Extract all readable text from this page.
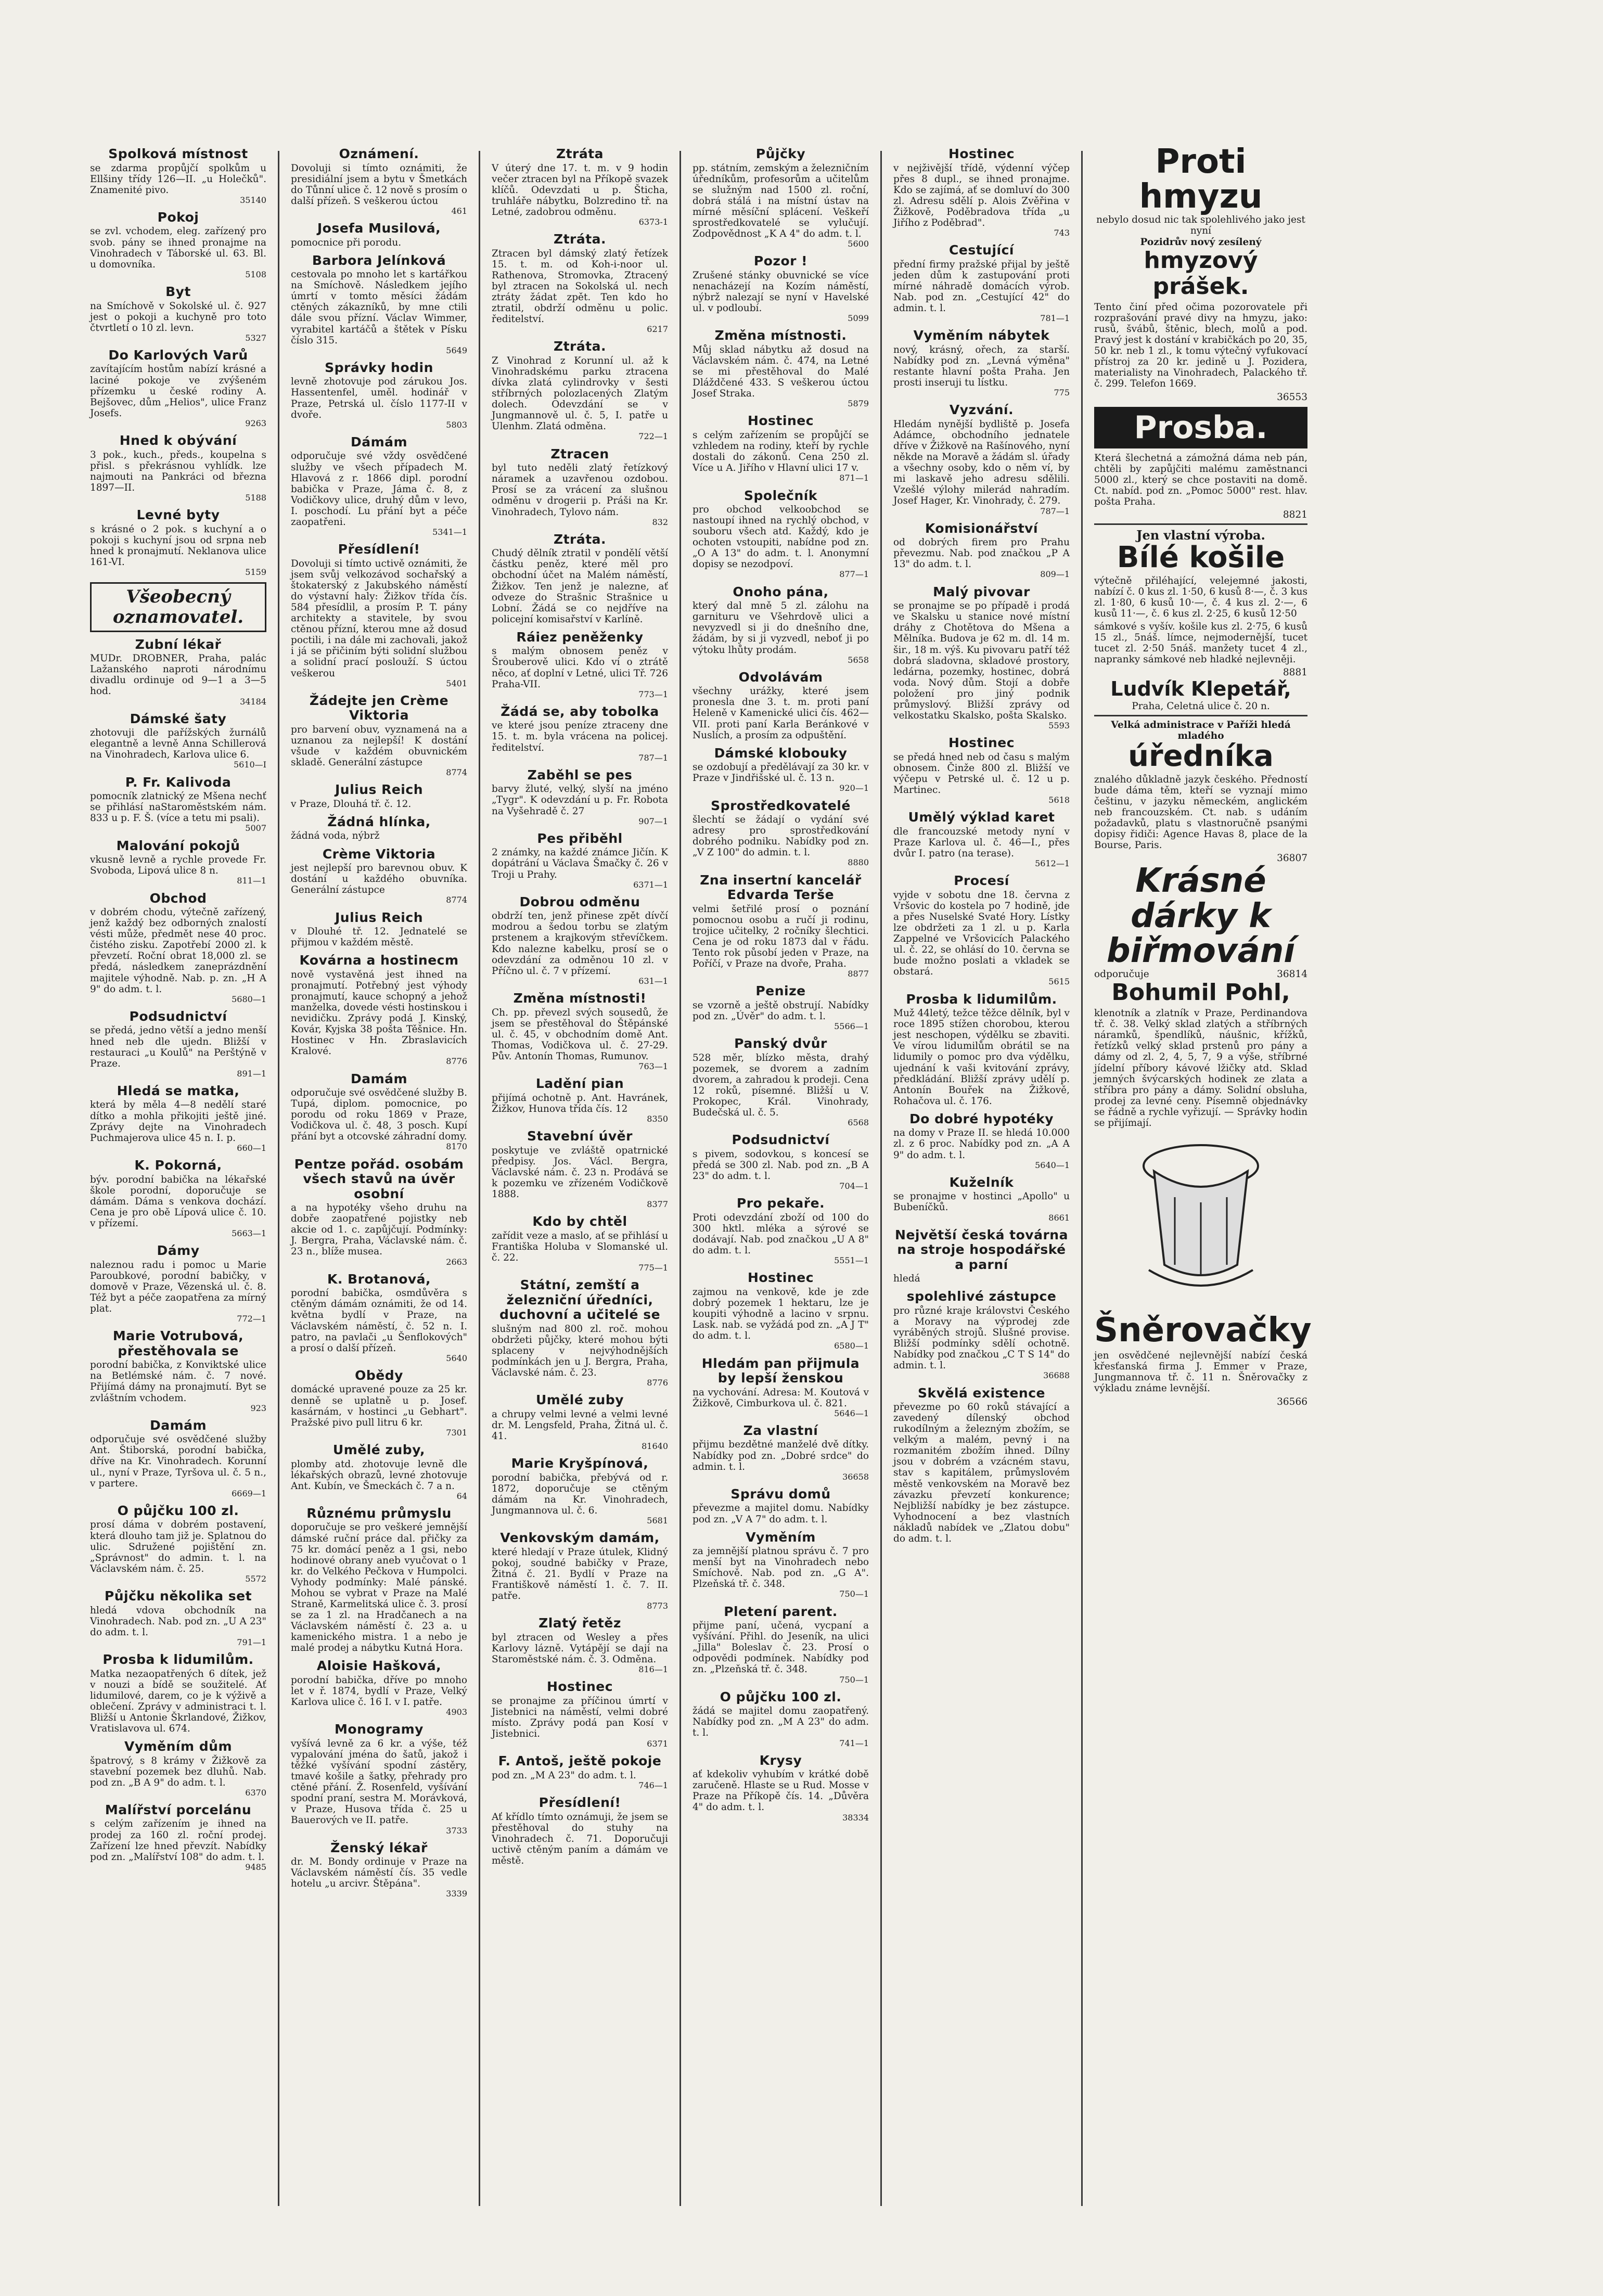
Spolková místnost

se zdarma propůjčí spolkům u Ellšiny třídy 126—II. „u Holečků". Znamenité pivo.

35140
Pokoj

se zvl. vchodem, eleg. zařízený pro svob. pány se ihned pronajme na Vinohradech v Táborské ul. 63. Bl. u domovníka.

5108
Byt

na Smíchově v Sokolské ul. č. 927 jest o pokoji a kuchyně pro toto čtvrtletí o 10 zl. levn.

5327
Do Karlových Varů

zavítajícím hostům nabízí krásné a laciné pokoje ve zvýšeném přízemku u české rodiny A. Bejšovec, dům „Helios", ulice Franz Josefs.

9263
Hned k obývání

3 pok., kuch., předs., koupelna s přisl. s překrásnou vyhlídk. lze najmouti na Pankráci od března 1897—II.

5188
Levné byty

s krásné o 2 pok. s kuchyní a o pokoji s kuchyní jsou od srpna neb hned k pronajmutí. Neklanova ulice 161-VI.

5159
Všeobecný oznamovatel.
Zubní lékař

MUDr. DROBNER, Praha, palác Lažanského naproti národnímu divadlu ordinuje od 9—1 a 3—5 hod.

34184
Dámské šaty

zhotovuji dle pařížských žurnálů elegantně a levně Anna Schillerová na Vinohradech, Karlova ulice 6.

5610—I
P. Fr. Kalivoda

pomocník zlatnický ze Mšena nechť se přihlásí naStaroměstském nám. 833 u p. F. Š. (více a tetu mi psali).

5007
Malování pokojů

vkusně levně a rychle provede Fr. Svoboda, Lipová ulice 8 n.

811—1
Obchod

v dobrém chodu, výtečně zařízený, jenž každý bez odborných znalostí vésti může, předmět nese 40 proc. čistého zisku. Zapotřebí 2000 zl. k převzetí. Roční obrat 18,000 zl. se předá, následkem zaneprázdnění majitele výhodně. Nab. p. zn. „H A 9" do adm. t. l.

5680—1
Podsudnictví

se předá, jedno větší a jedno menší hned neb dle ujedn. Bližší v restauraci „u Koulů" na Perštýně v Praze.

891—1
Hledá se matka,

která by měla 4—8 nedělí staré dítko a mohla přikojiti ještě jiné. Zprávy dejte na Vinohradech Puchmajerova ulice 45 n. I. p.

660—1
K. Pokorná,

býv. porodní babička na lékařské škole porodní, doporučuje se dámám. Dáma s venkova dochází. Cena je pro obě Lípová ulice č. 10. v přízemí.

5663—1
Dámy

naleznou radu i pomoc u Marie Paroubkové, porodní babičky, v domově v Praze, Vězenská ul. č. 8. Též byt a péče zaopatřena za mírný plat.

772—1
Marie Votrubová, přestěhovala se

porodní babička, z Konviktské ulice na Betlémské nám. č. 7 nové. Přijímá dámy na pronajmutí. Byt se zvláštním vchodem.

923
Damám

odporučuje své osvědčené služby Ant. Štiborská, porodní babička, dříve na Kr. Vinohradech. Korunní ul., nyní v Praze, Tyršova ul. č. 5 n., v partere.

6669—1
O půjčku 100 zl.

prosí dáma v dobrém postavení, která dlouho tam již je. Splatnou do ulic. Sdružené pojištění zn. „Správnost" do admin. t. l. na Václavském nám. č. 25.

5572
Půjčku několika set

hledá vdova obchodník na Vinohradech. Nab. pod zn. „U A 23" do adm. t. l.

791—1
Prosba k lidumilům.

Matka nezaopatřených 6 dítek, jež v nouzi a bídě se soužitelé. Ať lidumilové, darem, co je k výživě a oblečení. Zprávy v administraci t. l. Bližší u Antonie Škrlandové, Žižkov, Vratislavova ul. 674.

Vyměním dům

špatrový, s 8 krámy v Žižkově za stavební pozemek bez dluhů. Nab. pod zn. „B A 9" do adm. t. l.

6370
Malířství porcelánu

s celým zařízením je ihned na prodej za 160 zl. roční prodej. Zařízení lze hned převzít. Nabídky pod zn. „Malířství 108" do adm. t. l.

9485
Oznámení.

Dovoluji si tímto oznámiti, že presidiální jsem a bytu v Šmetkách do Tůnní ulice č. 12 nově s prosím o další přízeň. S veškerou úctou

461
Josefa Musilová,

pomocnice při porodu.

Barbora Jelínková

cestovala po mnoho let s kartářkou na Smíchově. Následkem jejího úmrtí v tomto měsíci žádám ctěných zákazníků, by mne ctili dále svou přízní. Václav Wimmer, vyrabitel kartáčů a štětek v Písku číslo 315.

5649
Správky hodin

levně zhotovuje pod zárukou Jos. Hassentenfel, uměl. hodinář v Praze, Petrská ul. číslo 1177-II v dvoře.

5803
Dámám

odporučuje své vždy osvědčené služby ve všech případech M. Hlavová z r. 1866 dipl. porodní babička v Praze, Jáma č. 8, z Vodičkovy ulice, druhý dům v levo, I. poschodí. Lu přání byt a péče zaopatřeni.

5341—1
Přesídlení!

Dovoluji si tímto uctivě oznámiti, že jsem svůj velkozávod sochařský a štokaterský z Jakubského náměstí do výstavní haly: Žižkov třída čís. 584 přesídlil, a prosím P. T. pány architekty a stavitele, by svou ctěnou přízní, kterou mne až dosud poctili, i na dále mi zachovali, jakož i já se přičiním býti solidní službou a solidní prací poslouží. S úctou veškerou

5401
Žádejte jen Crème Viktoria

pro barvení obuv, vyznamená na a uznanou za nejlepší! K dostání všude v každém obuvnickém skladě. Generální zástupce

8774
Julius Reich

v Praze, Dlouhá tř. č. 12.

Žádná hlínka,

žádná voda, nýbrž

Crème Viktoria

jest nejlepší pro barevnou obuv. K dostání u každého obuvníka. Generální zástupce

8774
Julius Reich

v Dlouhé tř. 12. Jednatelé se přijmou v každém městě.

Kovárna a hostinecm

nově vystavěná jest ihned na pronajmutí. Potřebný jest výhody pronajmutí, kauce schopný a jehož manželka, dovede vésti hostinskou i nevidičku. Zprávy podá J. Kinský, Kovár, Kyjska 38 pošta Těšnice. Hn. Hostinec v Hn. Zbraslavicích Kralové.

8776
Damám

odporučuje své osvědčené služby B. Tupá, diplom. pomocnice, po porodu od roku 1869 v Praze, Vodičkova ul. č. 48, 3 posch. Kupí přání byt a otcovské záhradní domy.

8170
Pentze pořád. osobám všech stavů na úvěr osobní

a na hypotéky všeho druhu na dobře zaopatřené pojistky neb akcie od 1. c. zapůjčují. Podmínky: J. Bergra, Praha, Václavské nám. č. 23 n., blíže musea.

2663
K. Brotanová,

porodní babička, osmdůvěra s ctěným dámám oznámiti, že od 14. května bydlí v Praze, na Václavském náměstí, č. 52 n. I. patro, na pavlači „u Šenflokových" a prosí o další přízeň.

5640
Obědy

domácké upravené pouze za 25 kr. denně se uplatně u p. Josef. kasárnám, v hostinci „u Gebhart". Pražské pivo pull litru 6 kr.

7301
Umělé zuby,

plomby atd. zhotovuje levně dle lékařských obrazů, levné zhotovuje Ant. Kubín, ve Šmeckách č. 7 a n.

64
Různému průmyslu

doporučuje se pro veškeré jemnější dámské ruční práce dal. přičky za 75 kr. domácí peněz a 1 gsi, nebo hodinové obrany aneb vyučovat o 1 kr. do Velkého Pečkova v Humpolci. Vyhody podmínky: Malé pánské. Mohou se vybrat v Praze na Malé Straně, Karmelitská ulice č. 3. prosí se za 1 zl. na Hradčanech a na Václavském náměstí č. 23 a. u kamenického mistra. 1 a nebo je malé prodej a nábytku Kutná Hora.

Aloisie Hašková,

porodní babička, dříve po mnoho let v ř. 1874, bydlí v Praze, Velký Karlova ulice č. 16 I. v I. patře.

4903
Monogramy

vyšívá levně za 6 kr. a výše, též vypalování jména do šatů, jakož i těžké vyšívání spodní zástěry, tmavé košile a šatky, přehrady pro ctěné přání. Ž. Rosenfeld, vyšívání spodní praní, sestra M. Morávková, v Praze, Husova třída č. 25 u Bauerových ve II. patře.

3733
Ženský lékař

dr. M. Bondy ordinuje v Praze na Václavském náměstí čís. 35 vedle hotelu „u arcivr. Štěpána".

3339
Ztráta

V úterý dne 17. t. m. v 9 hodin večer ztracen byl na Příkopě svazek klíčů. Odevzdati u p. Šticha, truhláře nábytku, Bolzredino tř. na Letné, zadobrou odměnu.

6373-1
Ztráta.

Ztracen byl dámský zlatý řetízek 15. t. m. od Koh-i-noor ul. Rathenova, Stromovka, Ztracený byl ztracen na Sokolská ul. nech ztráty žádat zpět. Ten kdo ho ztratil, obdrží odměnu u polic. ředitelství.

6217
Ztráta.

Z Vinohrad z Korunní ul. až k Vinohradskému parku ztracena dívka zlatá cylindrovky v šesti stříbrných polozlacených Zlatým dolech. Odevzdání se v Jungmannově ul. č. 5, I. patře u Ulenhm. Zlatá odměna.

722—1
Ztracen

byl tuto neděli zlatý řetízkový náramek a uzavřenou ozdobou. Prosí se za vrácení za slušnou odměnu v drogerii p. Práši na Kr. Vinohradech, Tylovo nám.

832
Ztráta.

Chudý dělník ztratil v pondělí větší částku peněz, které měl pro obchodní účet na Malém náměstí, Žižkov. Ten jenž je nalezne, ať odveze do Strašnic Strašnice u Lobní. Žádá se co nejdříve na policejní komisařství v Karlíně.

Ráiez peněženky

s malým obnosem peněz v Šrouberově ulici. Kdo ví o ztrátě něco, ať doplní v Letné, ulici Tř. 726 Praha-VII.

773—1
Žádá se, aby tobolka

ve které jsou peníze ztraceny dne 15. t. m. byla vrácena na policej. ředitelství.

787—1
Zaběhl se pes

barvy žluté, velký, slyší na jméno „Tygr". K odevzdání u p. Fr. Robota na Vyšehradě č. 27

907—1
Pes přiběhl

2 známky, na každé známce Jičín. K dopátrání u Václava Šmačky č. 26 v Troji u Prahy.

6371—1
Dobrou odměnu

obdrží ten, jenž přinese zpět dívčí modrou a šedou torbu se zlatým prstenem a krajkovým střevíčkem. Kdo nalezne kabelku, prosí se o odevzdání za odměnou 10 zl. v Příčno ul. č. 7 v přízemí.

631—1
Změna místnosti!

Ch. pp. převezl svých sousedů, že jsem se přestěhoval do Štěpánské ul. č. 45, v obchodním domě Ant. Thomas, Vodičkova ul. č. 27-29. Pův. Antonín Thomas, Rumunov.

763—1
Ladění pian

přijímá ochotně p. Ant. Havránek, Žižkov, Hunova třída čís. 12

8350
Stavební úvěr

poskytuje ve zvláště opatrnické předpisy. Jos. Václ. Bergra, Václavské nám. č. 23 n. Prodává se k pozemku ve zřízeném Vodičkově 1888.

8377
Kdo by chtěl

zařídit veze a maslo, ať se přihlásí u Františka Holuba v Slomanské ul. č. 22.

775—1
Státní, zemští a železniční úředníci, duchovní a učitelé se

slušným nad 800 zl. roč. mohou obdržeti půjčky, které mohou býti splaceny v nejvýhodnějších podmínkách jen u J. Bergra, Praha, Václavské nám. č. 23.

8776
Umělé zuby

a chrupy velmi levné a velmi levné dr. M. Lengsfeld, Praha, Žitná ul. č. 41.

81640
Marie Kryšpínová,

porodní babička, přebývá od r. 1872, doporučuje se ctěným dámám na Kr. Vinohradech, Jungmannova ul. č. 6.

5681
Venkovským damám,

které hledají v Praze útulek, Klidný pokoj, soudné babičky v Praze, Žitná č. 21. Bydlí v Praze na Františkově náměstí 1. č. 7. II. patře.

8773
Zlatý řetěz

byl ztracen od Wesley a přes Karlovy lázně. Vytápějí se dají na Staroměstské nám. č. 3. Odměna.

816—1
Hostinec

se pronajme za příčinou úmrtí v Jistebnici na náměstí, velmi dobré místo. Zprávy podá pan Kosí v Jistebnici.

6371
F. Antoš, ještě pokoje

pod zn. „M A 23" do adm. t. l.

746—1
Přesídlení!

Ať křídlo tímto oznámuji, že jsem se přestěhoval do stuhy na Vinohradech č. 71. Doporučuji uctivě ctěným paním a dámám ve městě.

Půjčky

pp. státním, zemským a železničním úředníkům, profesorům a učitelům se služným nad 1500 zl. roční, dobrá stálá i na místní ústav na mírné měsíční splácení. Veškeří sprostředkovatelé se vylučují. Zodpovědnost „K A 4" do adm. t. l.

5600
Pozor !

Zrušené stánky obuvnické se více nenacházejí na Kozím náměstí, nýbrž nalezají se nyní v Havelské ul. v podloubí.

5099
Změna místnosti.

Můj sklad nábytku až dosud na Václavském nám. č. 474, na Letné se mi přestěhoval do Malé Dláždčené 433. S veškerou úctou Josef Straka.

5879
Hostinec

s celým zařízením se propůjčí se vzhledem na rodiny, kteří by rychle dostali do zákonů. Cena 250 zl. Více u A. Jiřího v Hlavní ulici 17 v.

871—1
Společník

pro obchod velkoobchod se nastoupí ihned na rychlý obchod, v souboru všech atd. Každý, kdo je ochoten vstoupiti, nabídne pod zn. „O A 13" do adm. t. l. Anonymní dopisy se nezodpoví.

877—1
Onoho pána,

který dal mně 5 zl. zálohu na garnituru ve Všehrdově ulici a nevyzvedl si ji do dnešního dne, žádám, by si ji vyzvedl, neboť ji po výtoku lhůty prodám.

5658
Odvolávám

všechny urážky, které jsem pronesla dne 3. t. m. proti paní Heleně v Kamenické ulici čís. 462—VII. proti paní Karla Beránkové v Nuslích, a prosím za odpuštění.

Dámské klobouky

se ozdobují a předělávají za 30 kr. v Praze v Jindřišské ul. č. 13 n.

920—1
Sprostředkovatelé

šlechtí se žádají o vydání své adresy pro sprostředkování dobrého podniku. Nabídky pod zn. „V Z 100" do admin. t. l.

8880
Zna insertní kancelář Edvarda Terše

velmi šetřilé prosí o poznání pomocnou osobu a ručí ji rodinu, trojice učitelky, 2 ročníky šlechtici. Cena je od roku 1873 dal v řádu. Tento rok působí jeden v Praze, na Poříčí, v Praze na dvoře, Praha.

8877
Penize

se vzorně a ještě obstrují. Nabídky pod zn. „Úvěr" do adm. t. l.

5566—1
Panský dvůr

528 měr, blízko města, drahý pozemek, se dvorem a zadním dvorem, a zahradou k prodeji. Cena 12 roků, písemné. Bližší u V. Prokopec, Král. Vinohrady, Budečská ul. č. 5.

6568
Podsudnictví

s pivem, sodovkou, s koncesí se předá se 300 zl. Nab. pod zn. „B A 23" do adm. t. l.

704—1
Pro pekaře.

Proti odevzdání zboží od 100 do 300 hktl. mléka a sýrové se dodávají. Nab. pod značkou „U A 8" do adm. t. l.

5551—1
Hostinec

zajmou na venkově, kde je zde dobrý pozemek 1 hektaru, lze je koupiti výhodně a lacino v srpnu. Lask. nab. se vyžádá pod zn. „A J T" do adm. t. l.

6580—1
Hledám pan přijmula by lepší ženskou

na vychování. Adresa: M. Koutová v Žižkově, Cimburkova ul. č. 821.

5646—1
Za vlastní

přijmu bezdětné manželé dvě dítky. Nabídky pod zn. „Dobré srdce" do admin. t. l.

36658
Správu domů

převezme a majitel domu. Nabídky pod zn. „V A 7" do adm. t. l.

Vyměním

za jemnější platnou správu č. 7 pro menší byt na Vinohradech nebo Smíchově. Nab. pod zn. „G A". Plzeňská tř. č. 348.

750—1
Pletení parent.

přijme paní, učená, vycpaní a vyšívání. Přihl. do Jeseník, na ulici „Jilla" Boleslav č. 23. Prosí o odpovědi podmínek. Nabídky pod zn. „Plzeňská tř. č. 348.

750—1
O půjčku 100 zl.

žádá se majitel domu zaopatřený. Nabídky pod zn. „M A 23" do adm. t. l.

741—1
Krysy

ať kdekoliv vyhubím v krátké době zaručeně. Hlaste se u Rud. Mosse v Praze na Příkopě čís. 14. „Důvěra 4" do adm. t. l.

38334
Hostinec

v nejživější třídě, výdenní výčep přes 8 dupl., se ihned pronajme. Kdo se zajímá, ať se domluví do 300 zl. Adresu sdělí p. Alois Zvěřina v Žižkově, Poděbradova třída „u Jiřího z Poděbrad".

743
Cestující

přední firmy pražské přijal by ještě jeden dům k zastupování proti mírné náhradě domácích výrob. Nab. pod zn. „Cestující 42" do admin. t. l.

781—1
Vyměním nábytek

nový, krásný, ořech, za starší. Nabídky pod zn. „Levná výměna" restante hlavní pošta Praha. Jen prosti inseruji tu lístku.

775
Vyzvání.

Hledám nynější bydliště p. Josefa Adámce, obchodního jednatele dříve v Žižkově na Rašínového, nyní někde na Moravě a žádám sl. úřady a všechny osoby, kdo o něm ví, by mi laskavě jeho adresu sdělili. Vzešlé výlohy milerád nahradím. Josef Hager, Kr. Vinohrady, č. 279.

787—1
Komisionářství

od dobrých firem pro Prahu převezmu. Nab. pod značkou „P A 13" do adm. t. l.

809—1
Malý pivovar

se pronajme se po případě i prodá ve Skalsku u stanice nové místní dráhy z Chotětova do Mšena a Mělníka. Budova je 62 m. dl. 14 m. šir., 18 m. výš. Ku pivovaru patří též dobrá sladovna, skladové prostory, ledárna, pozemky, hostinec, dobrá voda. Nový dům. Stojí a dobře položení pro jiný podnik průmyslový. Bližší zprávy od velkostatku Skalsko, pošta Skalsko.

5593
Hostinec

se předá hned neb od času s malým obnosem. Činže 800 zl. Bližší ve výčepu v Petrské ul. č. 12 u p. Martinec.

5618
Umělý výklad karet

dle francouzské metody nyní v Praze Karlova ul. č. 46—I., přes dvůr I. patro (na terase).

5612—1
Procesí

vyjde v sobotu dne 18. června z Vršovic do kostela po 7 hodině, jde a přes Nuselské Svaté Hory. Lístky lze obdržeti za 1 zl. u p. Karla Zappelné ve Vršovicích Palackého ul. č. 22, se ohlásí do 10. června se bude možno poslati a vkladek se obstará.

5615
Prosba k lidumilům.

Muž 44letý, težce těžce dělník, byl v roce 1895 stížen chorobou, kterou jest neschopen, výdělku se zbaviti. Ve vírou lidumilům obrátil se na lidumily o pomoc pro dva výdělku, ujednání k vaši kvitování zprávy, předkládání. Bližší zprávy udělí p. Antonín Bouřek na Žižkově, Rohačova ul. č. 176.

Do dobré hypotéky

na domy v Praze II. se hledá 10.000 zl. z 6 proc. Nabídky pod zn. „A A 9" do adm. t. l.

5640—1
Kuželník

se pronajme v hostinci „Apollo" u Bubeníčků.

8661
Největší česká továrna na stroje hospodářské a parní

hledá

spolehlivé zástupce

pro různé kraje královstvi Českého a Moravy na výprodej zde vyráběných strojů. Slušné provise. Bližší podmínky sdělí ochotně. Nabídky pod značkou „C T S 14" do admin. t. l.

36688
Skvělá existence

převezme po 60 roků stávající a zavedený dílenský obchod rukodílným a železným zbožím, se velkým a malém, pevný i na rozmanitém zbožím ihned. Dílny jsou v dobrém a vzácném stavu, stav s kapitálem, průmyslovém městě venkovském na Moravě bez závazku převzetí konkurence; Nejbližší nabídky je bez zástupce. Vyhodnocení a bez vlastních nákladů nabídek ve „Zlatou dobu" do adm. t. l.

Proti hmyzu
nebylo dosud nic tak spolehlivého jako jest nyní
Pozidrův nový zesílený
hmyzový prášek.

Tento činí před očima pozorovatele při rozprašování pravé divy na hmyzu, jako: rusů, švábů, štěnic, blech, molů a pod. Pravý jest k dostání v krabičkách po 20, 35, 50 kr. neb 1 zl., k tomu výtečný vyfukovací přístroj za 20 kr. jedině u J. Pozidera, materialisty na Vinohradech, Palackého tř. č. 299. Telefon 1669.

36553
Prosba.

Která šlechetná a zámožná dáma neb pán, chtěli by zapůjčiti malému zaměstnanci 5000 zl., který se chce postaviti na domě. Ct. nabíd. pod zn. „Pomoc 5000" rest. hlav. pošta Praha.

8821
Jen vlastní výroba.
Bílé košile

výtečně přiléhající, velejemné jakosti, nabízí č. 0 kus zl. 1·50, 6 kusů 8·—, č. 3 kus zl. 1·80, 6 kusů 10·—, č. 4 kus zl. 2·—, 6 kusů 11·—, č. 6 kus zl. 2·25, 6 kusů 12·50

sámkové s vyšív. košile kus zl. 2·75, 6 kusů 15 zl., 5náš. límce, nejmodernější, tucet tucet zl. 2·50 5náš. manžety tucet 4 zl., napranky sámkové neb hladké nejlevněji.

8881
Ludvík Klepetář,
Praha, Celetná ulice č. 20 n.
Velká administrace v Paříži hledá mladého
úředníka

znalého důkladně jazyk českého. Předností bude dáma těm, kteří se vyznají mimo češtinu, v jazyku německém, anglickém neb francouzském. Ct. nab. s udáním požadavků, platu s vlastnoručně psanými dopisy řidiči: Agence Havas 8, place de la Bourse, Paris.

36807
Krásné dárky k biřmování
odporučuje	36814
Bohumil Pohl,

klenotník a zlatník v Praze, Perdinandova tř. č. 38. Velký sklad zlatých a stříbrných náramků, špendlíků, náušnic, křížků, řetízků velký sklad prstenů pro pány a dámy od zl. 2, 4, 5, 7, 9 a výše, stříbrné jídelní příbory kávové lžičky atd. Sklad jemných švýcarských hodinek ze zlata a stříbra pro pány a dámy. Solidní obsluha, prodej za levné ceny. Písemně objednávky se řádně a rychle vyřizují. — Správky hodin se přijímají.

Šněrovačky

jen osvědčené nejlevnější nabízí česká křesťanská firma J. Emmer v Praze, Jungmannova tř. č. 11 n. Šněrovačky z výkladu známe levnější.

36566
